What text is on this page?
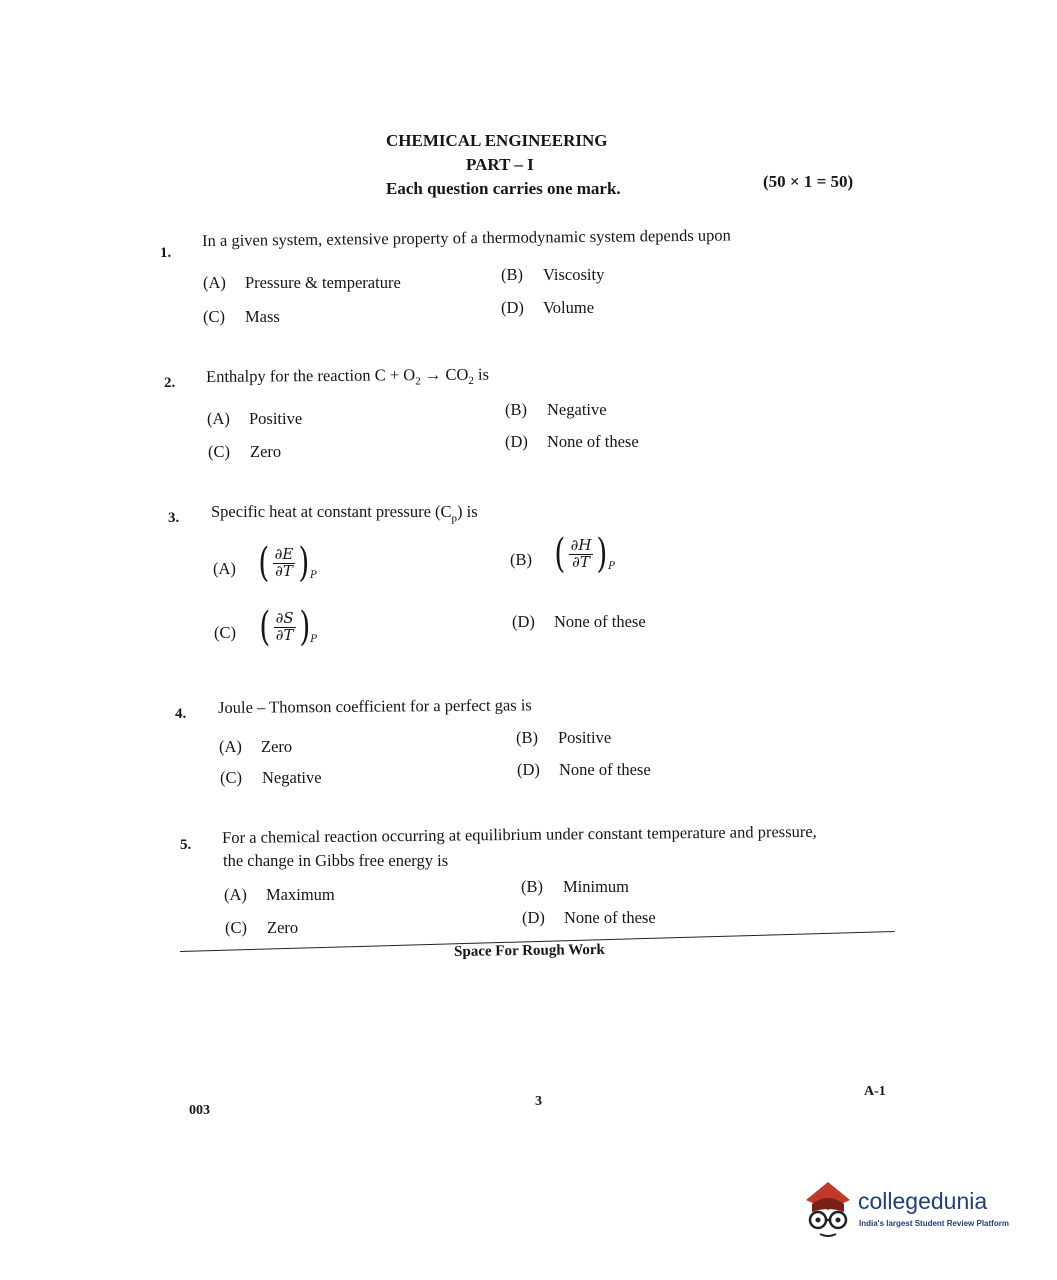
CHEMICAL ENGINEERING
PART – I
Each question carries one mark.	(50 × 1 = 50)
1.
In a given system, extensive property of a thermodynamic system depends upon
(A) Pressure & temperature	(B) Viscosity
(C) Mass	(D) Volume
2. Enthalpy for the reaction $C + O_2 \to CO_2$ is
(A) Positive	(B) Negative
(C) Zero
(D) None of these
3. Specific heat at constant pressure $(C_p)$ is
(A) ( $\frac{\partial E}{\partial T}$ ) P
(B) ( $\frac{\partial H}{\partial T}$ ) P
(C) ( $\frac{\partial S}{\partial T}$ ) P
(D) None of these
4. Joule – Thomson coefficient for a perfect gas is
(A) Zero	(B) Positive
(C) Negative	(D) None of these
5. For a chemical reaction occurring at equilibrium under constant temperature and pressure,
the change in Gibbs free energy is
(A) Maximum	(B) Minimum
(C) Zero
(D) None of these
Space For Rough Work
003
3
A-1
collegedunia
India's largest Student Review Platform
